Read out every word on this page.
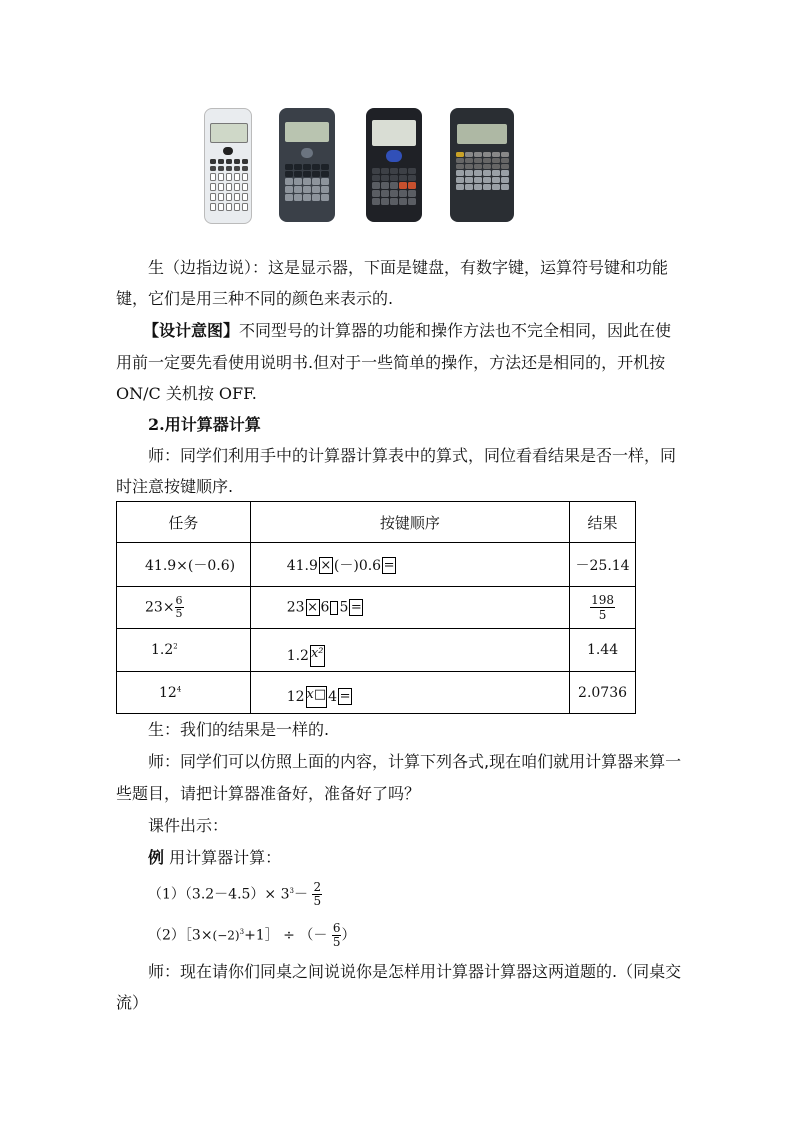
生（边指边说）：这是显示器，下面是键盘，有数字键，运算符号键和功能
键，它们是用三种不同的颜色来表示的.
【设计意图】不同型号的计算器的功能和操作方法也不完全相同，因此在使
用前一定要先看使用说明书.但对于一些简单的操作，方法还是相同的，开机按
ON/C 关机按 OFF.
2.用计算器计算
师：同学们利用手中的计算器计算表中的算式，同位看看结果是否一样，同
时注意按键顺序.
任务	按键顺序	结果
41.9×(－0.6)	41.9 × (－)0.6 =	－25.14
$23\times \frac{6}{5}$	23 × 6 5 =	$\frac{198}{5}$

$1.2^2$	1.2 x²	1.44
$12^4$	12 x□ 4 =	2.0736
生：我们的结果是一样的.
师：同学们可以仿照上面的内容，计算下列各式,现在咱们就用计算器来算一
些题目，请把计算器准备好，准备好了吗？
课件出示：
例 用计算器计算：
$(1)(3.2-4.5)\times 3^3- \frac{2}{5}$
$(2)[3\times(-2)^3+1]$ ÷ （－ $\frac{6}{5}$ ）
师：现在请你们同桌之间说说你是怎样用计算器计算器这两道题的.（同桌交
流）
